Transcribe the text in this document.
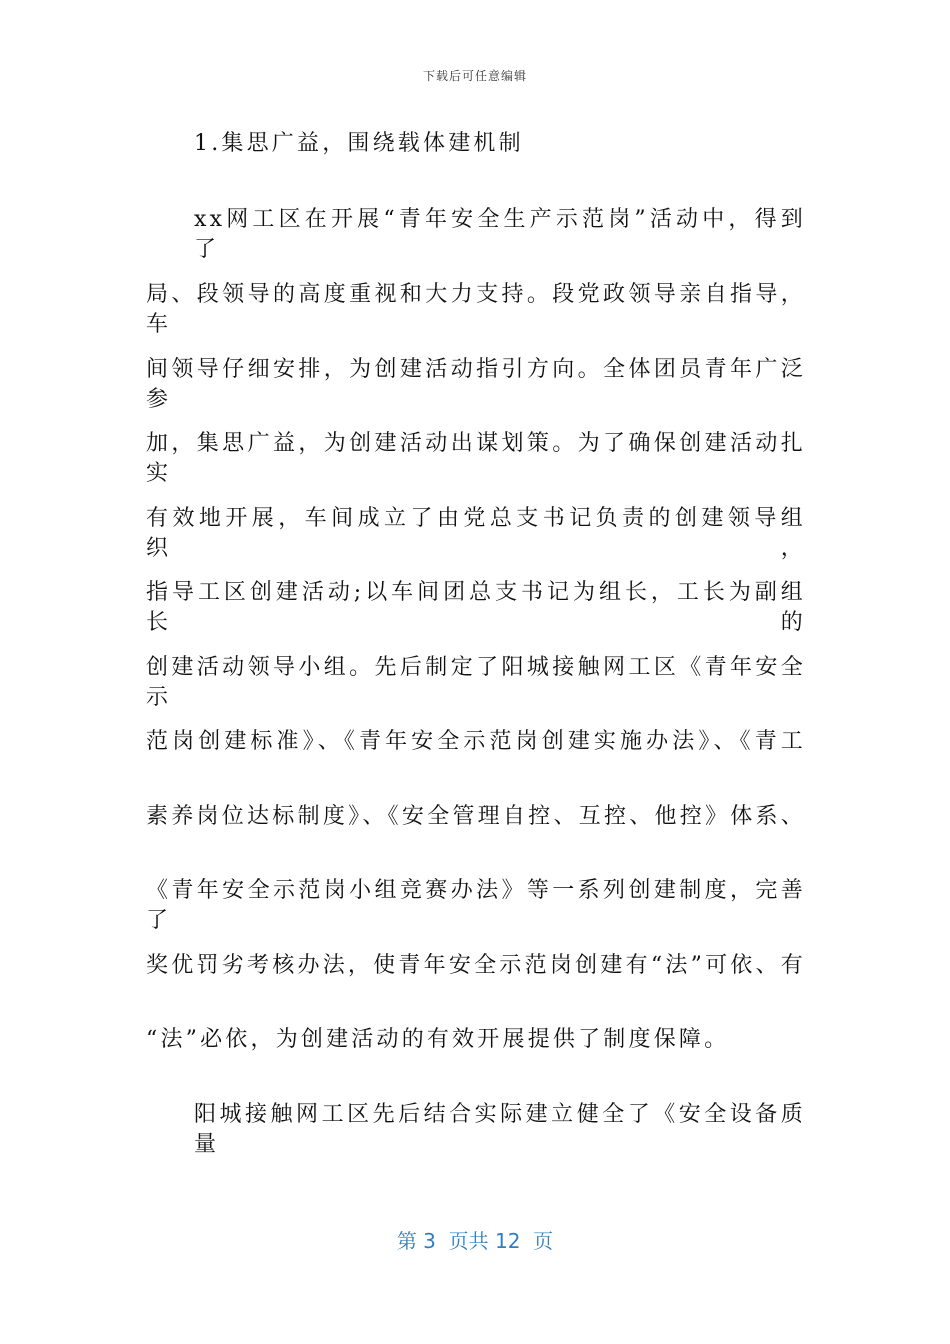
下载后可任意编辑
1.集思广益，围绕载体建机制
xx网工区在开展“青年安全生产示范岗”活动中，得到了
局、段领导的高度重视和大力支持。段党政领导亲自指导，车
间领导仔细安排，为创建活动指引方向。全体团员青年广泛参
加，集思广益，为创建活动出谋划策。为了确保创建活动扎实
有效地开展，车间成立了由党总支书记负责的创建领导组织，
指导工区创建活动;以车间团总支书记为组长，工长为副组长的
创建活动领导小组。先后制定了阳城接触网工区《青年安全示
范岗创建标准》、《青年安全示范岗创建实施办法》、《青工
素养岗位达标制度》、《安全管理自控、互控、他控》体系、
《青年安全示范岗小组竞赛办法》等一系列创建制度，完善了
奖优罚劣考核办法，使青年安全示范岗创建有“法”可依、有
“法”必依，为创建活动的有效开展提供了制度保障。
阳城接触网工区先后结合实际建立健全了《安全设备质量
第 3  页共 12  页
